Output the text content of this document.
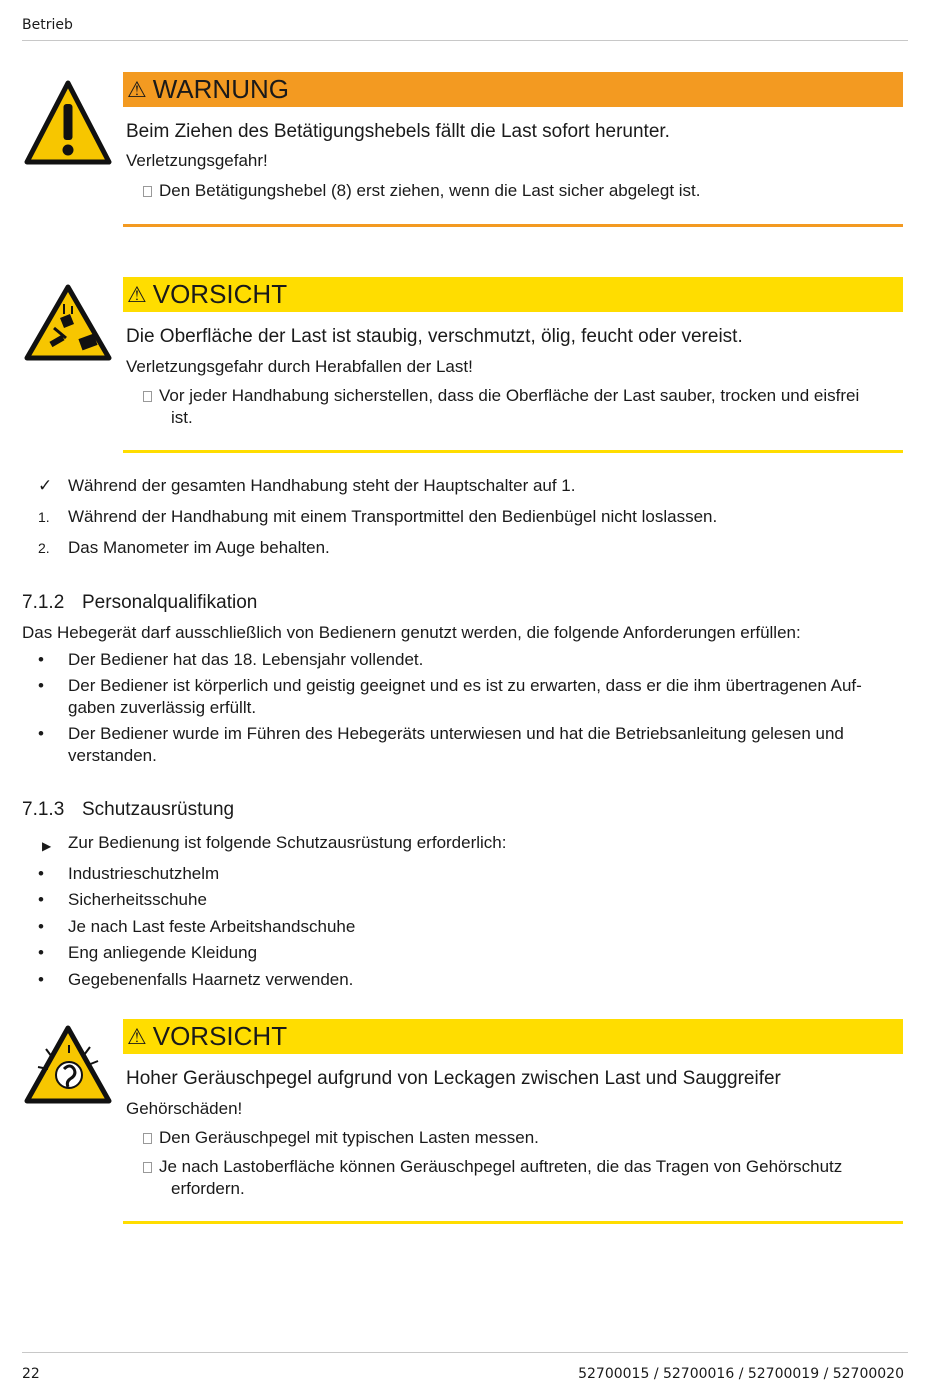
Betrieb
⚠ WARNUNG
Beim Ziehen des Betätigungshebels fällt die Last sofort herunter.
Verletzungsgefahr!
Den Betätigungshebel (8) erst ziehen, wenn die Last sicher abgelegt ist.
⚠ VORSICHT
Die Oberfläche der Last ist staubig, verschmutzt, ölig, feucht oder vereist.
Verletzungsgefahr durch Herabfallen der Last!
Vor jeder Handhabung sicherstellen, dass die Oberfläche der Last sauber, trocken und eisfrei
ist.
✓ Während der gesamten Handhabung steht der Hauptschalter auf 1.
1.	Während der Handhabung mit einem Transportmittel den Bedienbügel nicht loslassen.
2.	Das Manometer im Auge behalten.
7.1.2 Personalqualifikation
Das Hebegerät darf ausschließlich von Bedienern genutzt werden, die folgende Anforderungen erfüllen:
•	Der Bediener hat das 18. Lebensjahr vollendet.
•	Der Bediener ist körperlich und geistig geeignet und es ist zu erwarten, dass er die ihm übertragenen Auf-
gaben zuverlässig erfüllt.
•	Der Bediener wurde im Führen des Hebegeräts unterwiesen und hat die Betriebsanleitung gelesen und
verstanden.
7.1.3 Schutzausrüstung
▶ Zur Bedienung ist folgende Schutzausrüstung erforderlich:
•	Industrieschutzhelm
•	Sicherheitsschuhe
•	Je nach Last feste Arbeitshandschuhe
•	Eng anliegende Kleidung
•	Gegebenenfalls Haarnetz verwenden.
⚠ VORSICHT
Hoher Geräuschpegel aufgrund von Leckagen zwischen Last und Sauggreifer
Gehörschäden!
Den Geräuschpegel mit typischen Lasten messen.
Je nach Lastoberfläche können Geräuschpegel auftreten, die das Tragen von Gehörschutz
erfordern.
22	52700015 / 52700016 / 52700019 / 52700020
